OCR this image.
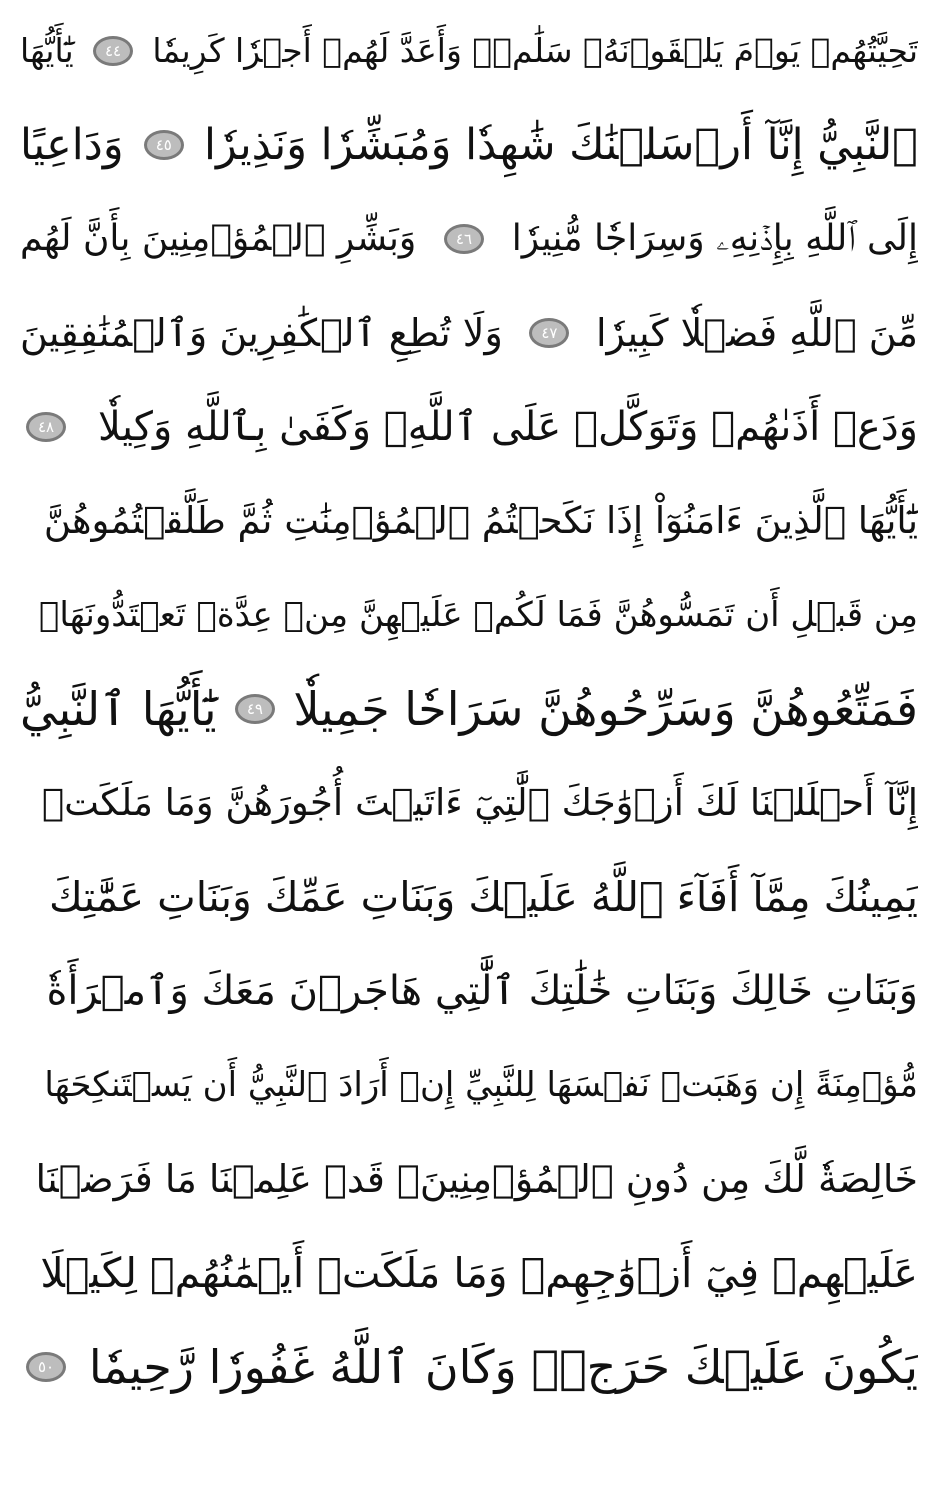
تَحِيَّتُهُمۡ يَوۡمَ يَلۡقَوۡنَهُۥ سَلَٰمٞۚ وَأَعَدَّ لَهُمۡ أَجۡرٗا كَرِيمٗا
٤٤
يَٰٓأَيُّهَا
ٱلنَّبِيُّ إِنَّآ أَرۡسَلۡنَٰكَ شَٰهِدٗا وَمُبَشِّرٗا وَنَذِيرٗا
٤٥
وَدَاعِيًا
إِلَى ٱللَّهِ بِإِذۡنِهِۦ وَسِرَاجٗا مُّنِيرٗا
٤٦
وَبَشِّرِ ٱلۡمُؤۡمِنِينَ بِأَنَّ لَهُم
مِّنَ ٱللَّهِ فَضۡلٗا كَبِيرٗا
٤٧
وَلَا تُطِعِ ٱلۡكَٰفِرِينَ وَٱلۡمُنَٰفِقِينَ
وَدَعۡ أَذَىٰهُمۡ وَتَوَكَّلۡ عَلَى ٱللَّهِۚ وَكَفَىٰ بِٱللَّهِ وَكِيلٗا
٤٨
يَٰٓأَيُّهَا ٱلَّذِينَ ءَامَنُوٓاْ إِذَا نَكَحۡتُمُ ٱلۡمُؤۡمِنَٰتِ ثُمَّ طَلَّقۡتُمُوهُنَّ
مِن قَبۡلِ أَن تَمَسُّوهُنَّ فَمَا لَكُمۡ عَلَيۡهِنَّ مِنۡ عِدَّةٖ تَعۡتَدُّونَهَاۖ
فَمَتِّعُوهُنَّ وَسَرِّحُوهُنَّ سَرَاحٗا جَمِيلٗا
٤٩
يَٰٓأَيُّهَا ٱلنَّبِيُّ
إِنَّآ أَحۡلَلۡنَا لَكَ أَزۡوَٰجَكَ ٱلَّٰتِيٓ ءَاتَيۡتَ أُجُورَهُنَّ وَمَا مَلَكَتۡ
يَمِينُكَ مِمَّآ أَفَآءَ ٱللَّهُ عَلَيۡكَ وَبَنَاتِ عَمِّكَ وَبَنَاتِ عَمَّٰتِكَ
وَبَنَاتِ خَالِكَ وَبَنَاتِ خَٰلَٰتِكَ ٱلَّٰتِي هَاجَرۡنَ مَعَكَ وَٱمۡرَأَةٗ
مُّؤۡمِنَةً إِن وَهَبَتۡ نَفۡسَهَا لِلنَّبِيِّ إِنۡ أَرَادَ ٱلنَّبِيُّ أَن يَسۡتَنكِحَهَا
خَالِصَةٗ لَّكَ مِن دُونِ ٱلۡمُؤۡمِنِينَۗ قَدۡ عَلِمۡنَا مَا فَرَضۡنَا
عَلَيۡهِمۡ فِيٓ أَزۡوَٰجِهِمۡ وَمَا مَلَكَتۡ أَيۡمَٰنُهُمۡ لِكَيۡلَا
يَكُونَ عَلَيۡكَ حَرَجٞۗ وَكَانَ ٱللَّهُ غَفُورٗا رَّحِيمٗا
٥٠
